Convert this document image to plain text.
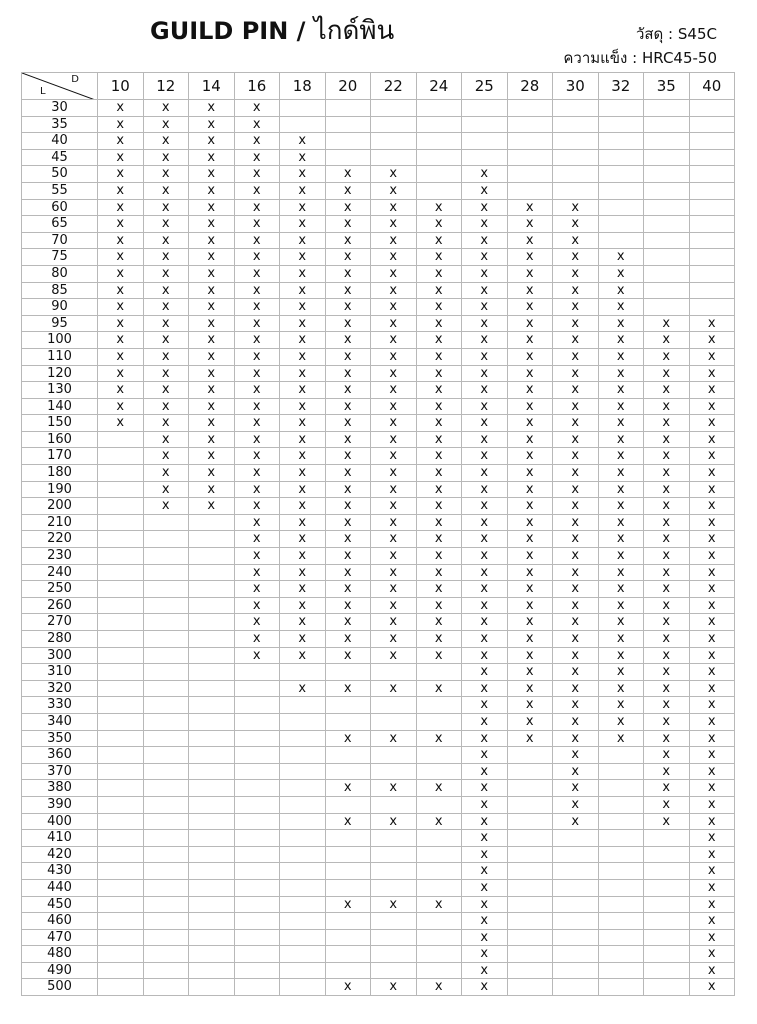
GUILD PIN / ไกด์พิน	วัสดุ : S45C
ความแข็ง : HRC45-50
D
L	10	12	14	16	18	20	22	24	25	28	30	32	35	40
30	x	x	x	x										
35	x	x	x	x										
40	x	x	x	x	x									
45	x	x	x	x	x									
50	x	x	x	x	x	x	x		x					
55	x	x	x	x	x	x	x		x					
60	x	x	x	x	x	x	x	x	x	x	x			
65	x	x	x	x	x	x	x	x	x	x	x			
70	x	x	x	x	x	x	x	x	x	x	x			
75	x	x	x	x	x	x	x	x	x	x	x	x		
80	x	x	x	x	x	x	x	x	x	x	x	x		
85	x	x	x	x	x	x	x	x	x	x	x	x		
90	x	x	x	x	x	x	x	x	x	x	x	x		
95	x	x	x	x	x	x	x	x	x	x	x	x	x	x
100	x	x	x	x	x	x	x	x	x	x	x	x	x	x
110	x	x	x	x	x	x	x	x	x	x	x	x	x	x
120	x	x	x	x	x	x	x	x	x	x	x	x	x	x
130	x	x	x	x	x	x	x	x	x	x	x	x	x	x
140	x	x	x	x	x	x	x	x	x	x	x	x	x	x
150	x	x	x	x	x	x	x	x	x	x	x	x	x	x
160		x	x	x	x	x	x	x	x	x	x	x	x	x
170		x	x	x	x	x	x	x	x	x	x	x	x	x
180		x	x	x	x	x	x	x	x	x	x	x	x	x
190		x	x	x	x	x	x	x	x	x	x	x	x	x
200		x	x	x	x	x	x	x	x	x	x	x	x	x
210				x	x	x	x	x	x	x	x	x	x	x
220				x	x	x	x	x	x	x	x	x	x	x
230				x	x	x	x	x	x	x	x	x	x	x
240				x	x	x	x	x	x	x	x	x	x	x
250				x	x	x	x	x	x	x	x	x	x	x
260				x	x	x	x	x	x	x	x	x	x	x
270				x	x	x	x	x	x	x	x	x	x	x
280				x	x	x	x	x	x	x	x	x	x	x
300				x	x	x	x	x	x	x	x	x	x	x
310									x	x	x	x	x	x
320					x	x	x	x	x	x	x	x	x	x
330									x	x	x	x	x	x
340									x	x	x	x	x	x
350						x	x	x	x	x	x	x	x	x
360									x		x		x	x
370									x		x		x	x
380						x	x	x	x		x		x	x
390									x		x		x	x
400						x	x	x	x		x		x	x
410									x					x
420									x					x
430									x					x
440									x					x
450						x	x	x	x					x
460									x					x
470									x					x
480									x					x
490									x					x
500						x	x	x	x					x
